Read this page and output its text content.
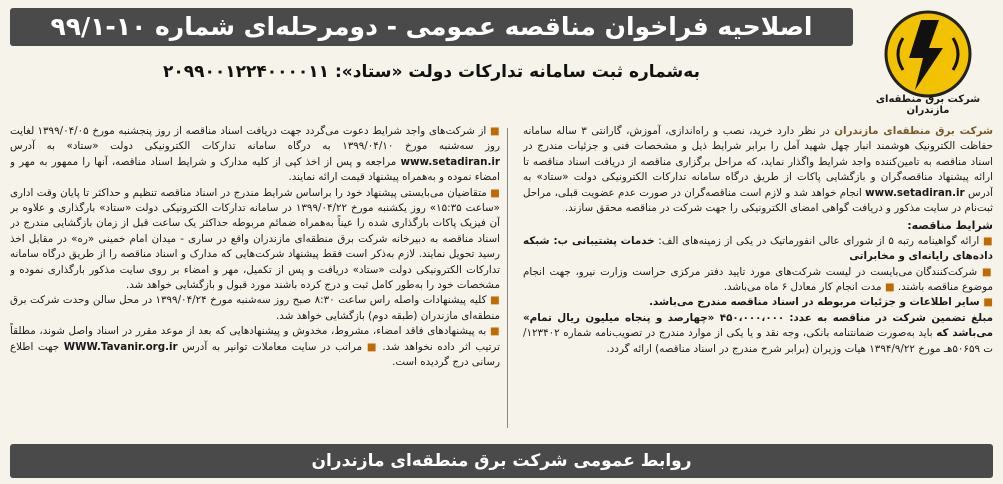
اصلاحیه فراخوان مناقصه عمومی - دومرحله‌ای شماره ۱۰-۹۹/۱
به‌شماره ثبت سامانه تدارکات دولت «ستاد»: ۲۰۹۹۰۰۱۲۲۴۰۰۰۰۱۱
شرکت برق منطقه‌ای مازندران

شرکت برق منطقه‌ای مازندران در نظر دارد خرید، نصب و راه‌اندازی، آموزش، گارانتی ۳ ساله سامانه حفاظت الکترونیک هوشمند انبار چهل شهید آمل را برابر شرایط ذیل و مشخصات فنی و جزئیات مندرج در اسناد مناقصه به تامین‌کننده واجد شرایط واگذار نماید، که مراحل برگزاری مناقصه از دریافت اسناد مناقصه تا ارائه پیشنهاد مناقصه‌گران و بازگشایی پاکات از طریق درگاه سامانه تدارکات الکترونیکی دولت «ستاد» به آدرس www.setadiran.ir انجام خواهد شد و لازم است مناقصه‌گران در صورت عدم عضویت قبلی، مراحل ثبت‌نام در سایت مذکور و دریافت گواهی امضای الکترونیکی را جهت شرکت در مناقصه محقق سازند.

شرایط مناقصه:

■ ارائه گواهینامه رتبه ۵ از شورای عالی انفورماتیک در یکی از زمینه‌های الف: خدمات پشتیبانی ب: شبکه داده‌های رایانه‌ای و مخابراتی

■ شرکت‌کنندگان می‌بایست در لیست شرکت‌های مورد تایید دفتر مرکزی حراست وزارت نیرو، جهت انجام موضوع مناقصه باشند. ■ مدت انجام کار معادل ۶ ماه می‌باشد.

■ سایر اطلاعات و جزئیات مربوطه در اسناد مناقصه مندرج می‌باشد.

مبلغ تضمین شرکت در مناقصه به عدد: ۴۵۰،۰۰۰،۰۰۰ «چهارصد و پنجاه میلیون ریال تمام» می‌باشد که باید به‌صورت ضمانتنامه بانکی، وجه نقد و یا یکی از موارد مندرج در تصویب‌نامه شماره ۱۲۳۴۰۲/ت ۵۰۶۵۹هـ مورخ ۱۳۹۴/۹/۲۲ هیات وزیران (برابر شرح مندرج در اسناد مناقصه) ارائه گردد.

■ از شرکت‌های واجد شرایط دعوت می‌گردد جهت دریافت اسناد مناقصه از روز پنجشنبه مورخ ۱۳۹۹/۰۴/۰۵ لغایت روز سه‌شنبه مورخ ۱۳۹۹/۰۴/۱۰ به درگاه سامانه تدارکات الکترونیکی دولت «ستاد» به آدرس www.setadiran.ir مراجعه و پس از اخذ کپی از کلیه مدارک و شرایط اسناد مناقصه، آنها را ممهور به مهر و امضاء نموده و به‌همراه پیشنهاد قیمت ارائه نمایند.

■ متقاضیان می‌بایستی پیشنهاد خود را براساس شرایط مندرج در اسناد مناقصه تنظیم و حداکثر تا پایان وقت اداری «ساعت ۱۵:۳۵» روز یکشنبه مورخ ۱۳۹۹/۰۴/۲۲ در سامانه تدارکات الکترونیکی دولت «ستاد» بارگذاری و علاوه بر آن فیزیک پاکات بارگذاری شده را عیناً به‌همراه ضمائم مربوطه حداکثر یک ساعت قبل از زمان بازگشایی مندرج در اسناد مناقصه به دبیرخانه شرکت برق منطقه‌ای مازندران واقع در ساری - میدان امام خمینی «ره» در مقابل اخذ رسید تحویل نمایند. لازم به‌ذکر است فقط پیشنهاد شرکت‌هایی که مدارک و اسناد مناقصه را از طریق درگاه سامانه تدارکات الکترونیکی دولت «ستاد» دریافت و پس از تکمیل، مهر و امضاء بر روی سایت مذکور بارگذاری نموده و مشخصات خود را به‌طور کامل ثبت و درج کرده باشند مورد قبول و بازگشایی خواهد شد.

■ کلیه پیشنهادات واصله راس ساعت ۸:۳۰ صبح روز سه‌شنبه مورخ ۱۳۹۹/۰۴/۲۴ در محل سالن وحدت شرکت برق منطقه‌ای مازندران (طبقه دوم) بازگشایی خواهد شد.

■ به پیشنهادهای فاقد امضاء، مشروط، مخدوش و پیشنهادهایی که بعد از موعد مقرر در اسناد واصل شوند، مطلقاً ترتیب اثر داده نخواهد شد. ■ مراتب در سایت معاملات توانیر به آدرس WWW.Tavanir.org.ir جهت اطلاع رسانی درج گردیده است.

روابط عمومی شرکت برق منطقه‌ای مازندران
